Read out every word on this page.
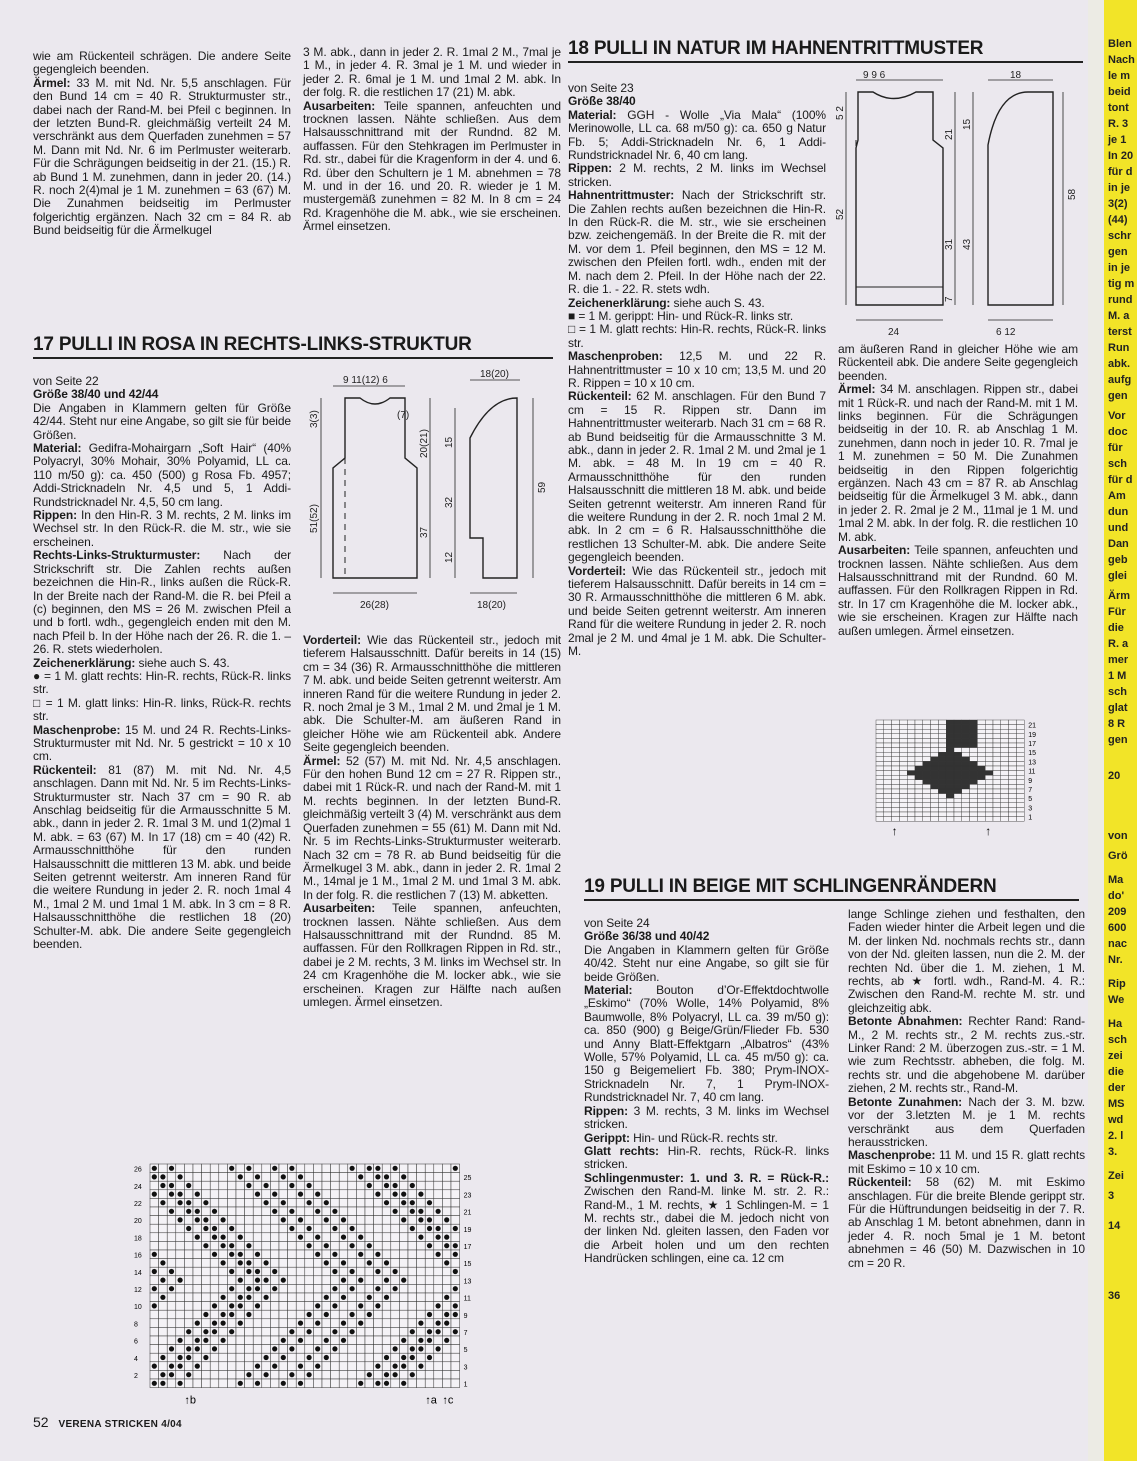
wie am Rückenteil schrägen. Die andere Seite gegengleich beenden.

Ärmel: 33 M. mit Nd. Nr. 5,5 anschlagen. Für den Bund 14 cm = 40 R. Strukturmuster str., dabei nach der Rand-M. bei Pfeil c beginnen. In der letzten Bund-R. gleichmäßig verteilt 24 M. verschränkt aus dem Querfaden zunehmen = 57 M. Dann mit Nd. Nr. 6 im Perlmuster weiterarb. Für die Schrägungen beidseitig in der 21. (15.) R. ab Bund 1 M. zunehmen, dann in jeder 20. (14.) R. noch 2(4)mal je 1 M. zunehmen = 63 (67) M. Die Zunahmen beidseitig im Perlmuster folgerichtig ergänzen. Nach 32 cm = 84 R. ab Bund beidseitig für die Ärmelkugel

3 M. abk., dann in jeder 2. R. 1mal 2 M., 7mal je 1 M., in jeder 4. R. 3mal je 1 M. und wieder in jeder 2. R. 6mal je 1 M. und 1mal 2 M. abk. In der folg. R. die restlichen 17 (21) M. abk.

Ausarbeiten: Teile spannen, anfeuchten und trocknen lassen. Nähte schließen. Aus dem Halsausschnittrand mit der Rundnd. 82 M. auffassen. Für den Stehkragen im Perlmuster in Rd. str., dabei für die Kragenform in der 4. und 6. Rd. über den Schultern je 1 M. abnehmen = 78 M. und in der 16. und 20. R. wieder je 1 M. mustergemäß zunehmen = 82 M. In 8 cm = 24 Rd. Kragenhöhe die M. abk., wie sie erscheinen. Ärmel einsetzen.

17 PULLI IN ROSA IN RECHTS-LINKS-STRUKTUR

von Seite 22

Größe 38/40 und 42/44

Die Angaben in Klammern gelten für Größe 42/44. Steht nur eine Angabe, so gilt sie für beide Größen.

Material: Gedifra-Mohairgarn „Soft Hair“ (40% Polyacryl, 30% Mohair, 30% Polyamid, LL ca. 110 m/50 g): ca. 450 (500) g Rosa Fb. 4957; Addi-Stricknadeln Nr. 4,5 und 5, 1 Addi-Rundstricknadel Nr. 4,5, 50 cm lang.

Rippen: In den Hin-R. 3 M. rechts, 2 M. links im Wechsel str. In den Rück-R. die M. str., wie sie erscheinen.

Rechts-Links-Strukturmuster: Nach der Strickschrift str. Die Zahlen rechts außen bezeichnen die Hin-R., links außen die Rück-R. In der Breite nach der Rand-M. die R. bei Pfeil a (c) beginnen, den MS = 26 M. zwischen Pfeil a und b fortl. wdh., gegengleich enden mit den M. nach Pfeil b. In der Höhe nach der 26. R. die 1. – 26. R. stets wiederholen.

Zeichenerklärung: siehe auch S. 43.

● = 1 M. glatt rechts: Hin-R. rechts, Rück-R. links str.

□ = 1 M. glatt links: Hin-R. links, Rück-R. rechts str.

Maschenprobe: 15 M. und 24 R. Rechts-Links-Strukturmuster mit Nd. Nr. 5 gestrickt = 10 x 10 cm.

Rückenteil: 81 (87) M. mit Nd. Nr. 4,5 anschlagen. Dann mit Nd. Nr. 5 im Rechts-Links-Strukturmuster str. Nach 37 cm = 90 R. ab Anschlag beidseitig für die Armausschnitte 5 M. abk., dann in jeder 2. R. 1mal 3 M. und 1(2)mal 1 M. abk. = 63 (67) M. In 17 (18) cm = 40 (42) R. Armausschnitthöhe für den runden Halsausschnitt die mittleren 13 M. abk. und beide Seiten getrennt weiterstr. Am inneren Rand für die weitere Rundung in jeder 2. R. noch 1mal 4 M., 1mal 2 M. und 1mal 1 M. abk. In 3 cm = 8 R. Halsausschnitthöhe die restlichen 18 (20) Schulter-M. abk. Die andere Seite gegengleich beenden.

9 11(12) 6
18(20)
(7)
26(28)	18(20)
3(3)
51(52)	37
20(21) 15
32
12
59

Vorderteil: Wie das Rückenteil str., jedoch mit tieferem Halsausschnitt. Dafür bereits in 14 (15) cm = 34 (36) R. Armausschnitthöhe die mittleren 7 M. abk. und beide Seiten getrennt weiterstr. Am inneren Rand für die weitere Rundung in jeder 2. R. noch 2mal je 3 M., 1mal 2 M. und 2mal je 1 M. abk. Die Schulter-M. am äußeren Rand in gleicher Höhe wie am Rückenteil abk. Andere Seite gegengleich beenden.

Ärmel: 52 (57) M. mit Nd. Nr. 4,5 anschlagen. Für den hohen Bund 12 cm = 27 R. Rippen str., dabei mit 1 Rück-R. und nach der Rand-M. mit 1 M. rechts beginnen. In der letzten Bund-R. gleichmäßig verteilt 3 (4) M. verschränkt aus dem Querfaden zunehmen = 55 (61) M. Dann mit Nd. Nr. 5 im Rechts-Links-Strukturmuster weiterarb. Nach 32 cm = 78 R. ab Bund beidseitig für die Ärmelkugel 3 M. abk., dann in jeder 2. R. 1mal 2 M., 14mal je 1 M., 1mal 2 M. und 1mal 3 M. abk. In der folg. R. die restlichen 7 (13) M. abketten.

Ausarbeiten: Teile spannen, anfeuchten, trocknen lassen. Nähte schließen. Aus dem Halsausschnittrand mit der Rundnd. 85 M. auffassen. Für den Rollkragen Rippen in Rd. str., dabei je 2 M. rechts, 3 M. links im Wechsel str. In 24 cm Kragenhöhe die M. locker abk., wie sie erscheinen. Kragen zur Hälfte nach außen umlegen. Ärmel einsetzen.

26
24
22
20
18
16
14
12
10
8
6
4
2
25
23
21
19
17
15
13
11
9
7
5
3
1
↑b	↑a ↑c
18 PULLI IN NATUR IM HAHNENTRITTMUSTER

von Seite 23

Größe 38/40

Material: GGH - Wolle „Via Mala“ (100% Merinowolle, LL ca. 68 m/50 g): ca. 650 g Natur Fb. 5; Addi-Stricknadeln Nr. 6, 1 Addi-Rundstricknadel Nr. 6, 40 cm lang.

Rippen: 2 M. rechts, 2 M. links im Wechsel stricken.

Hahnentrittmuster: Nach der Strickschrift str. Die Zahlen rechts außen bezeichnen die Hin-R. In den Rück-R. die M. str., wie sie erscheinen bzw. zeichengemäß. In der Breite die R. mit der M. vor dem 1. Pfeil beginnen, den MS = 12 M. zwischen den Pfeilen fortl. wdh., enden mit der M. nach dem 2. Pfeil. In der Höhe nach der 22. R. die 1. - 22. R. stets wdh.

Zeichenerklärung: siehe auch S. 43.

■ = 1 M. gerippt: Hin- und Rück-R. links str.

□ = 1 M. glatt rechts: Hin-R. rechts, Rück-R. links str.

Maschenproben: 12,5 M. und 22 R. Hahnentrittmuster = 10 x 10 cm; 13,5 M. und 20 R. Rippen = 10 x 10 cm.

Rückenteil: 62 M. anschlagen. Für den Bund 7 cm = 15 R. Rippen str. Dann im Hahnentrittmuster weiterarb. Nach 31 cm = 68 R. ab Bund beidseitig für die Armausschnitte 3 M. abk., dann in jeder 2. R. 1mal 2 M. und 2mal je 1 M. abk. = 48 M. In 19 cm = 40 R. Armausschnitthöhe für den runden Halsausschnitt die mittleren 18 M. abk. und beide Seiten getrennt weiterstr. Am inneren Rand für die weitere Rundung in der 2. R. noch 1mal 2 M. abk. In 2 cm = 6 R. Halsausschnitthöhe die restlichen 13 Schulter-M. abk. Die andere Seite gegengleich beenden.

Vorderteil: Wie das Rückenteil str., jedoch mit tieferem Halsausschnitt. Dafür bereits in 14 cm = 30 R. Armausschnitthöhe die mittleren 6 M. abk. und beide Seiten getrennt weiterstr. Am inneren Rand für die weitere Rundung in jeder 2. R. noch 2mal je 2 M. und 4mal je 1 M. abk. Die Schulter-M.

9 9 6	18
24	6 12
5 2
52
21
15
31 43
58
7

am äußeren Rand in gleicher Höhe wie am Rückenteil abk. Die andere Seite gegengleich beenden.

Ärmel: 34 M. anschlagen. Rippen str., dabei mit 1 Rück-R. und nach der Rand-M. mit 1 M. links beginnen. Für die Schrägungen beidseitig in der 10. R. ab Anschlag 1 M. zunehmen, dann noch in jeder 10. R. 7mal je 1 M. zunehmen = 50 M. Die Zunahmen beidseitig in den Rippen folgerichtig ergänzen. Nach 43 cm = 87 R. ab Anschlag beidseitig für die Ärmelkugel 3 M. abk., dann in jeder 2. R. 2mal je 2 M., 11mal je 1 M. und 1mal 2 M. abk. In der folg. R. die restlichen 10 M. abk.

Ausarbeiten: Teile spannen, anfeuchten und trocknen lassen. Nähte schließen. Aus dem Halsausschnittrand mit der Rundnd. 60 M. auffassen. Für den Rollkragen Rippen in Rd. str. In 17 cm Kragenhöhe die M. locker abk., wie sie erscheinen. Kragen zur Hälfte nach außen umlegen. Ärmel einsetzen.

21
19
17
15
13
11
9
7
5
3
1
↑	↑
19 PULLI IN BEIGE MIT SCHLINGENRÄNDERN

von Seite 24

Größe 36/38 und 40/42

Die Angaben in Klammern gelten für Größe 40/42. Steht nur eine Angabe, so gilt sie für beide Größen.

Material: Bouton d’Or-Effektdochtwolle „Eskimo“ (70% Wolle, 14% Polyamid, 8% Baumwolle, 8% Polyacryl, LL ca. 39 m/50 g): ca. 850 (900) g Beige/Grün/Flieder Fb. 530 und Anny Blatt-Effektgarn „Albatros“ (43% Wolle, 57% Polyamid, LL ca. 45 m/50 g): ca. 150 g Beigemeliert Fb. 380; Prym-INOX-Stricknadeln Nr. 7, 1 Prym-INOX-Rundstricknadel Nr. 7, 40 cm lang.

Rippen: 3 M. rechts, 3 M. links im Wechsel stricken.

Gerippt: Hin- und Rück-R. rechts str.

Glatt rechts: Hin-R. rechts, Rück-R. links stricken.

Schlingenmuster: 1. und 3. R. = Rück-R.: Zwischen den Rand-M. linke M. str. 2. R.: Rand-M., 1 M. rechts, ★ 1 Schlingen-M. = 1 M. rechts str., dabei die M. jedoch nicht von der linken Nd. gleiten lassen, den Faden vor die Arbeit holen und um den rechten Handrücken schlingen, eine ca. 12 cm

lange Schlinge ziehen und festhalten, den Faden wieder hinter die Arbeit legen und die M. der linken Nd. nochmals rechts str., dann von der Nd. gleiten lassen, nun die 2. M. der rechten Nd. über die 1. M. ziehen, 1 M. rechts, ab ★ fortl. wdh., Rand-M. 4. R.: Zwischen den Rand-M. rechte M. str. und gleichzeitig abk.

Betonte Abnahmen: Rechter Rand: Rand-M., 2 M. rechts str., 2 M. rechts zus.-str. Linker Rand: 2 M. überzogen zus.-str. = 1 M. wie zum Rechtsstr. abheben, die folg. M. rechts str. und die abgehobene M. darüber ziehen, 2 M. rechts str., Rand-M.

Betonte Zunahmen: Nach der 3. M. bzw. vor der 3.letzten M. je 1 M. rechts verschränkt aus dem Querfaden herausstricken.

Maschenprobe: 11 M. und 15 R. glatt rechts mit Eskimo = 10 x 10 cm.

Rückenteil: 58 (62) M. mit Eskimo anschlagen. Für die breite Blende gerippt str. Für die Hüftrundungen beidseitig in der 7. R. ab Anschlag 1 M. betont abnehmen, dann in jeder 4. R. noch 5mal je 1 M. betont abnehmen = 46 (50) M. Dazwischen in 10 cm = 20 R.

52 VERENA STRICKEN 4/04
Blen
Nach
le m
beid
tont
R. 3
je 1
In 20
für d
in je
3(2)
(44)
schr
gen
in je
tig m
rund
M. a
terst
Run
abk.
aufg
gen
Vor
doc
für
sch
für d
Am
dun
und
Dan
geb
glei
Ärm
Für
die
R. a
mer
1 M
sch
glat
8 R
gen
20
von
Grö
Ma
do'
209
600
nac
Nr.
Rip
We
Ha
sch
zei
die
der
MS
wd
2. l
3.
Zei
3
14
36
